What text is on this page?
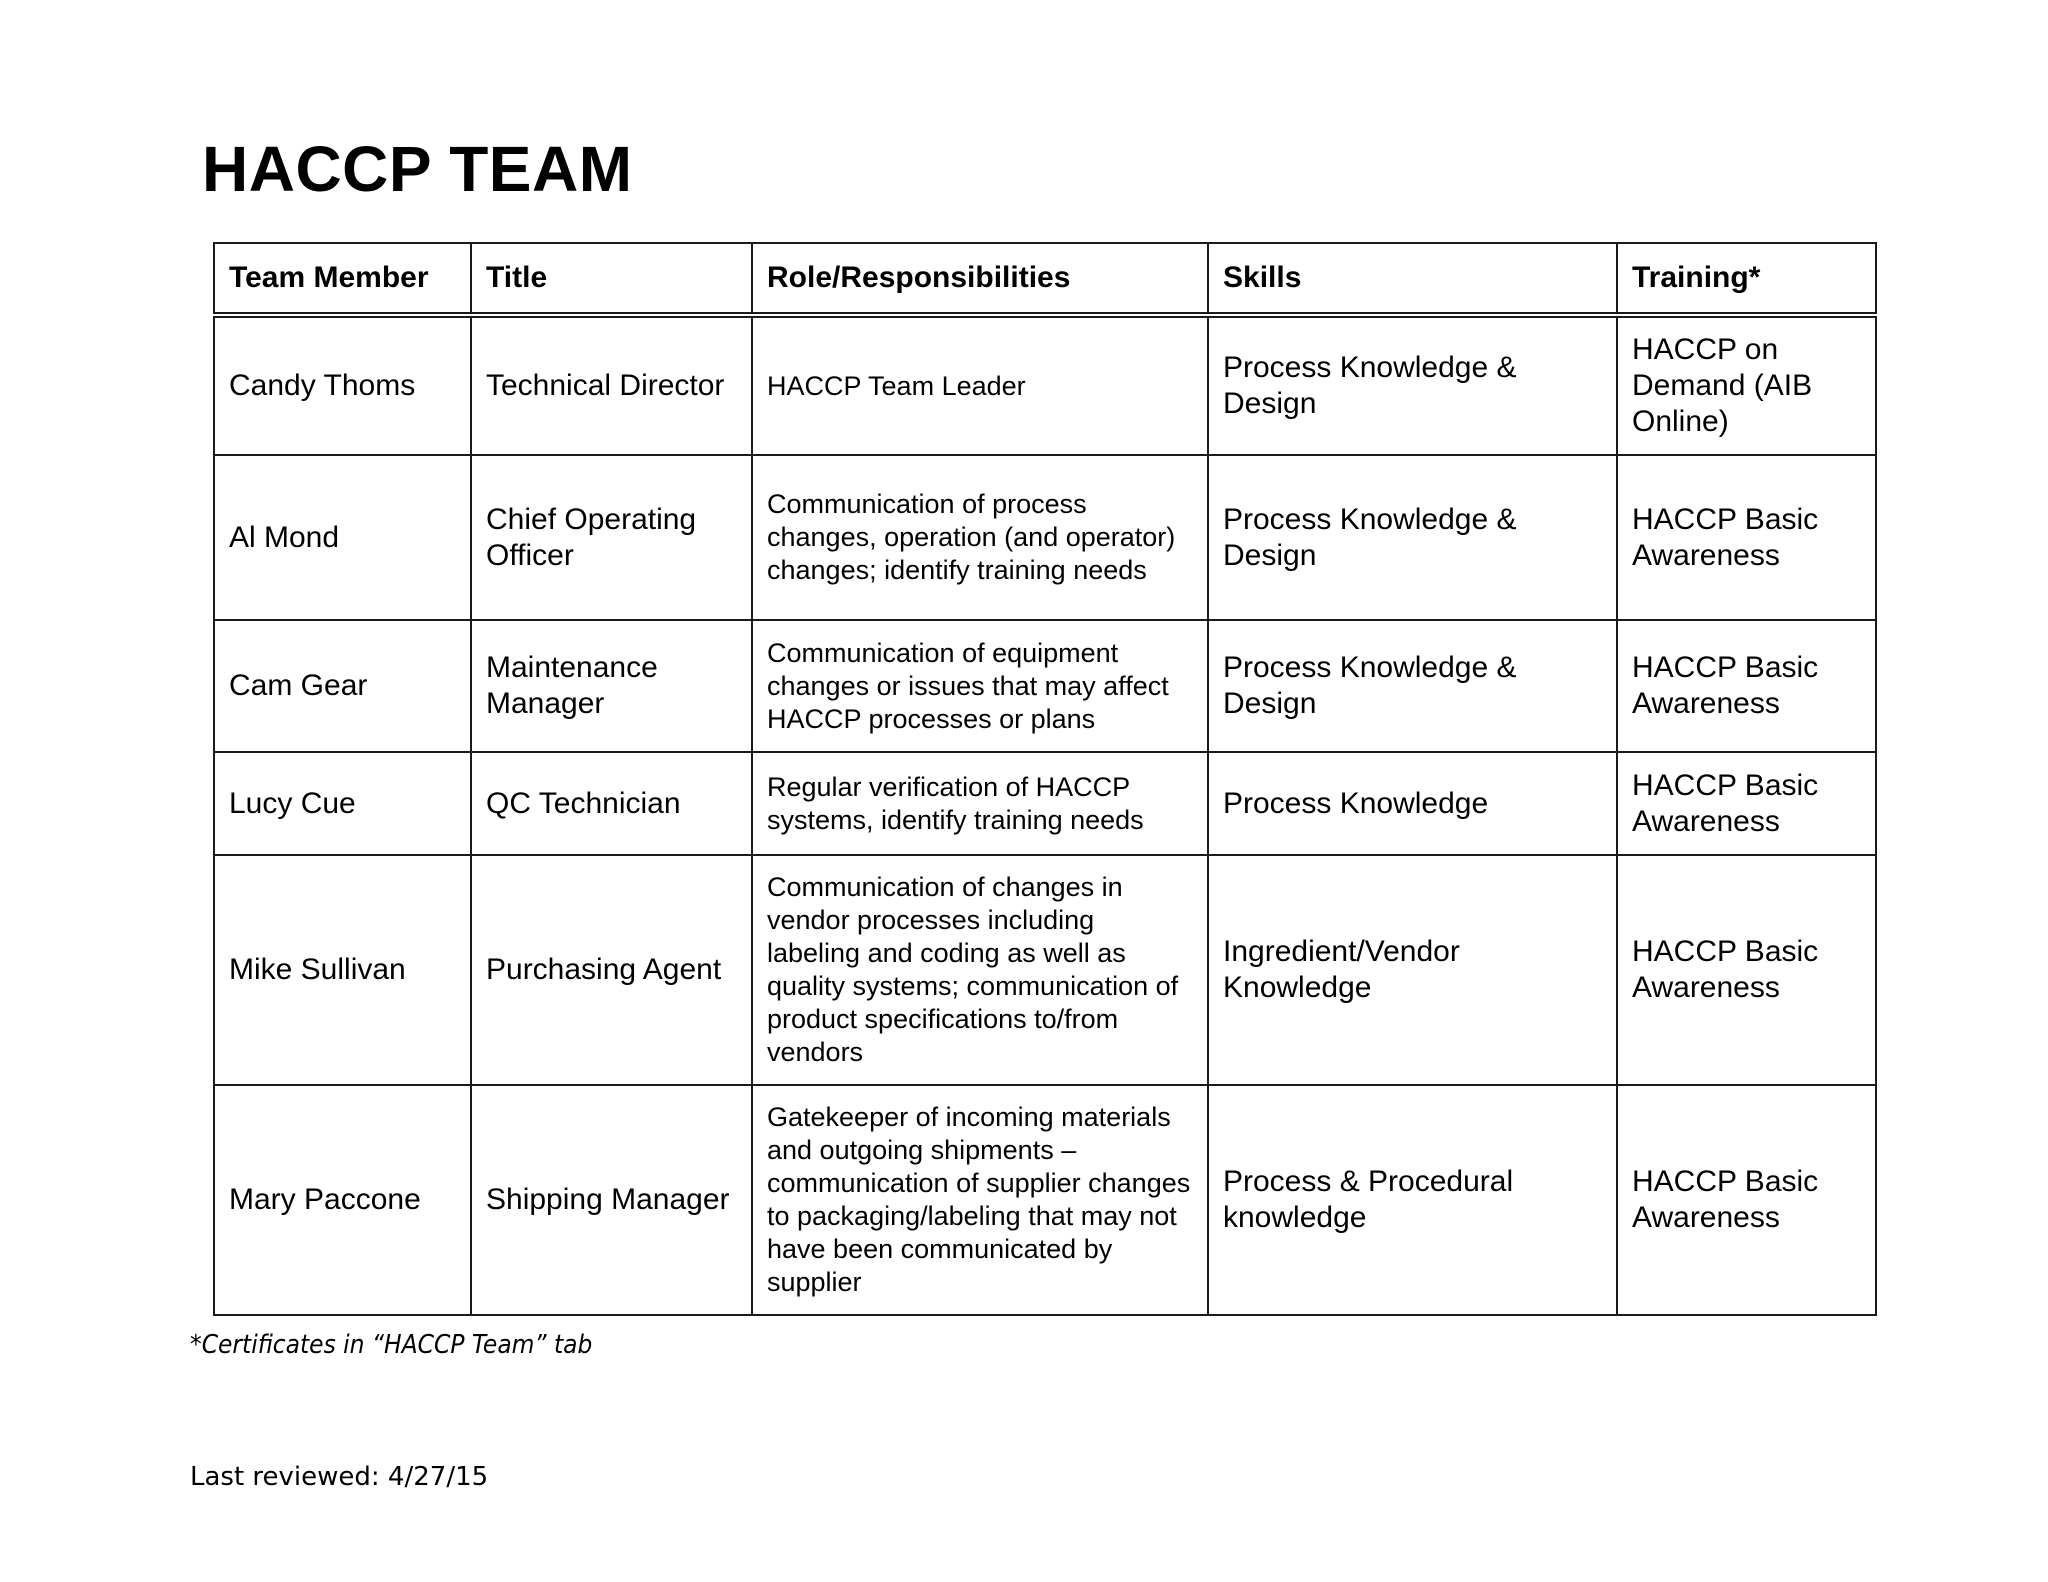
HACCP TEAM
Team Member	Title	Role/Responsibilities	Skills	Training*
Candy Thoms	Technical Director	HACCP Team Leader	Process Knowledge & Design	HACCP on Demand (AIB Online)
Al Mond	Chief Operating Officer	Communication of process changes, operation (and operator) changes; identify training needs	Process Knowledge & Design	HACCP Basic Awareness
Cam Gear	Maintenance Manager	Communication of equipment changes or issues that may affect HACCP processes or plans	Process Knowledge & Design	HACCP Basic Awareness
Lucy Cue	QC Technician	Regular verification of HACCP systems, identify training needs	Process Knowledge	HACCP Basic Awareness
Mike Sullivan	Purchasing Agent	Communication of changes in vendor processes including labeling and coding as well as quality systems; communication of product specifications to/from vendors	Ingredient/Vendor Knowledge	HACCP Basic Awareness
Mary Paccone	Shipping Manager	Gatekeeper of incoming materials and outgoing shipments – communication of supplier changes to packaging/labeling that may not have been communicated by supplier	Process & Procedural knowledge	HACCP Basic Awareness

*Certificates in “HACCP Team” tab

Last reviewed: 4/27/15
